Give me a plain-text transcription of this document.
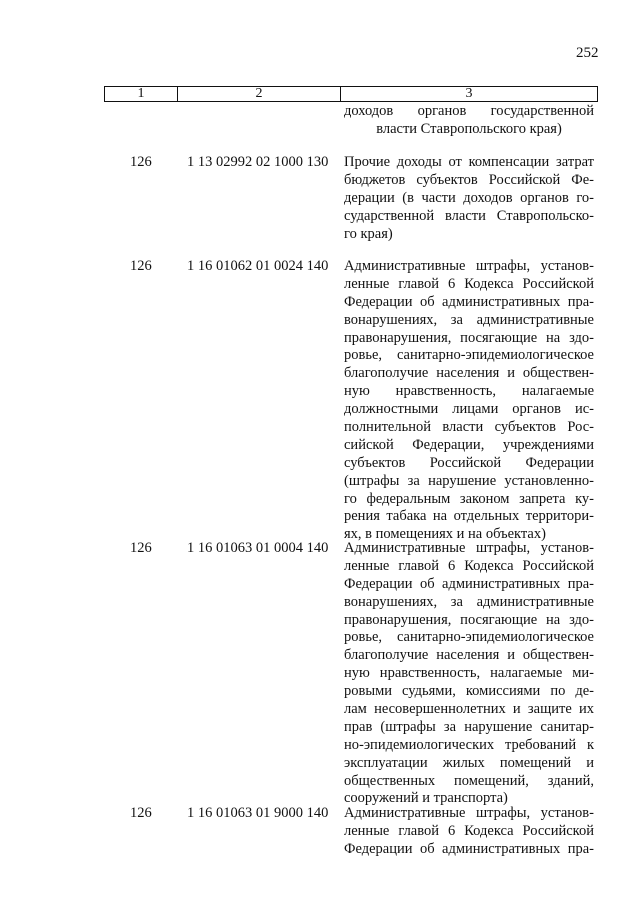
252
1	2	3
доходов органов государственной
власти Ставропольского края)
126 1 13 02992 02 1000 130 Прочие доходы от компенсации затрат
бюджетов субъектов Российской Фе-
дерации (в части доходов органов го-
сударственной власти Ставропольско-
го края)
126 1 16 01062 01 0024 140 Административные штрафы, установ-
ленные главой 6 Кодекса Российской
Федерации об административных пра-
вонарушениях, за административные
правонарушения, посягающие на здо-
ровье, санитарно-эпидемиологическое
благополучие населения и обществен-
ную нравственность, налагаемые
должностными лицами органов ис-
полнительной власти субъектов Рос-
сийской Федерации, учреждениями
субъектов Российской Федерации
(штрафы за нарушение установленно-
го федеральным законом запрета ку-
рения табака на отдельных территори-
ях, в помещениях и на объектах)
126 1 16 01063 01 0004 140 Административные штрафы, установ-
ленные главой 6 Кодекса Российской
Федерации об административных пра-
вонарушениях, за административные
правонарушения, посягающие на здо-
ровье, санитарно-эпидемиологическое
благополучие населения и обществен-
ную нравственность, налагаемые ми-
ровыми судьями, комиссиями по де-
лам несовершеннолетних и защите их
прав (штрафы за нарушение санитар-
но-эпидемиологических требований к
эксплуатации жилых помещений и
общественных помещений, зданий,
сооружений и транспорта)
126 1 16 01063 01 9000 140 Административные штрафы, установ-
ленные главой 6 Кодекса Российской
Федерации об административных пра-
